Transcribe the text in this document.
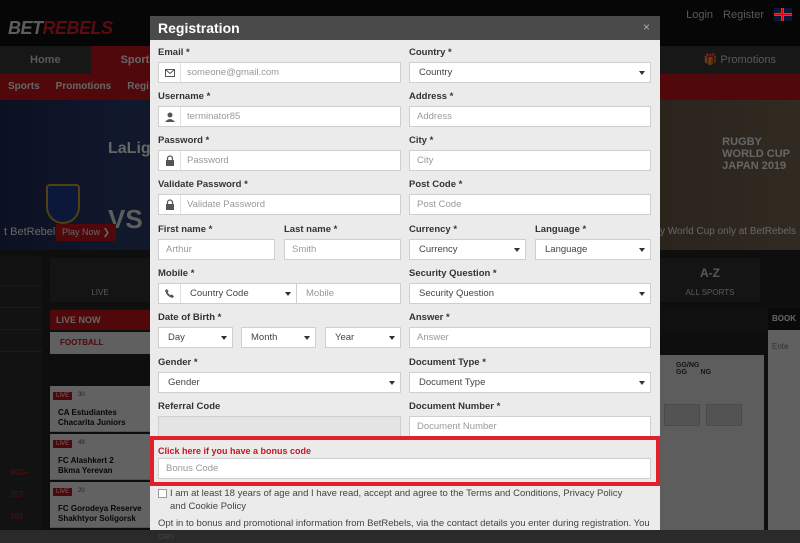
Registration	×
Email *
someone@gmail.com
Username *
terminator85
Password *
Password
Validate Password *
Validate Password
First name *
Arthur
Last name *
Smith
Mobile *
Country Code	Mobile
Date of Birth *
Day	Month	Year
Gender *
Gender
Referral Code
Country *
Country
Address *
Address
City *
City
Post Code *
Post Code
Currency *
Currency
Language *
Language
Security Question *
Security Question
Answer *
Answer
Document Type *
Document Type
Document Number *
Document Number
Click here if you have a bonus code
Bonus Code
I am at least 18 years of age and I have read, accept and agree to the Terms and Conditions, Privacy Policy and Cookie Policy
Opt in to bonus and promotional information from BetRebels, via the contact details you enter during registration. You can
